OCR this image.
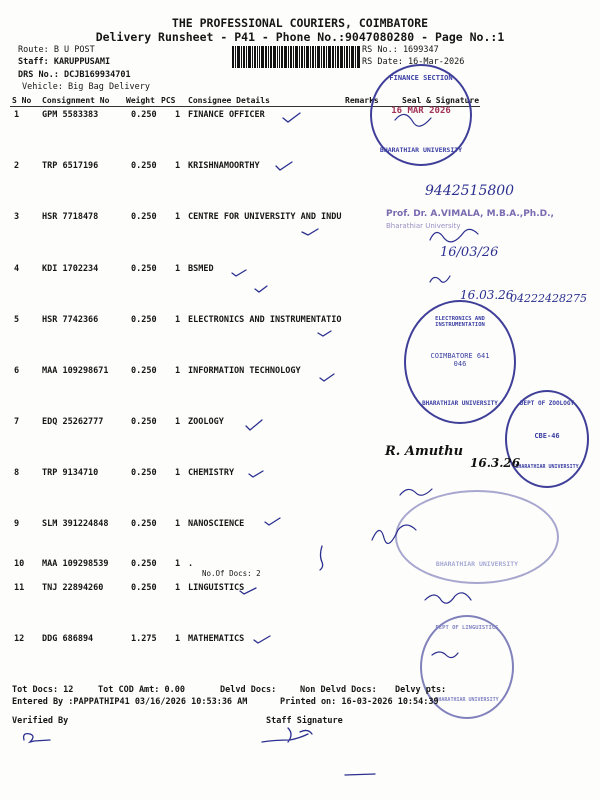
THE PROFESSIONAL COURIERS, COIMBATORE
Delivery Runsheet - P41 - Phone No.:9047080280 - Page No.:1
Route: B U POST
Staff: KARUPPUSAMI
DRS No.: DCJB169934701
Vehicle: Big Bag Delivery
RS No.: 1699347
RS Date: 16-Mar-2026
S No Consignment No Weight PCS Consignee Details	Remarks	Seal & Signature
1	GPM 5583383	0.250 1 FINANCE OFFICER
2	TRP 6517196	0.250 1 KRISHNAMOORTHY
3	HSR 7718478	0.250 1 CENTRE FOR UNIVERSITY AND INDU
4	KDI 1702234	0.250 1 BSMED
5	HSR 7742366	0.250 1 ELECTRONICS AND INSTRUMENTATIO
6	MAA 109298671	0.250 1 INFORMATION TECHNOLOGY
7	EDQ 25262777	0.250 1 ZOOLOGY
8	TRP 9134710	0.250 1 CHEMISTRY
9	SLM 391224848	0.250 1 NANOSCIENCE
10 MAA 109298539	0.250 1 .
No.Of Docs: 2
11 TNJ 22894260	0.250 1 LINGUISTICS
12 DDG 686894	1.275 1 MATHEMATICS
FINANCE SECTION
16 MAR 2026
BHARATHIAR UNIVERSITY
ELECTRONICS AND INSTRUMENTATION
COIMBATORE 641 046
BHARATHIAR UNIVERSITY	DEPT OF ZOOLOGY
CBE-46
BHARATHIAR UNIVERSITY
BHARATHIAR UNIVERSITY
DEPT OF LINGUISTICS
BHARATHIAR UNIVERSITY
9442515800
Prof. Dr. A.VIMALA, M.B.A.,Ph.D.,
Bharathiar University
16/03/26
16.03.26
04222428275
R. Amuthu
16.3.26
Tot Docs: 12	Tot COD Amt: 0.00	Delvd Docs:	Non Delvd Docs: Delvy pts:
Entered By :PAPPATHIP41 03/16/2026 10:53:36 AM	Printed on: 16-03-2026 10:54:39
Verified By	Staff Signature
